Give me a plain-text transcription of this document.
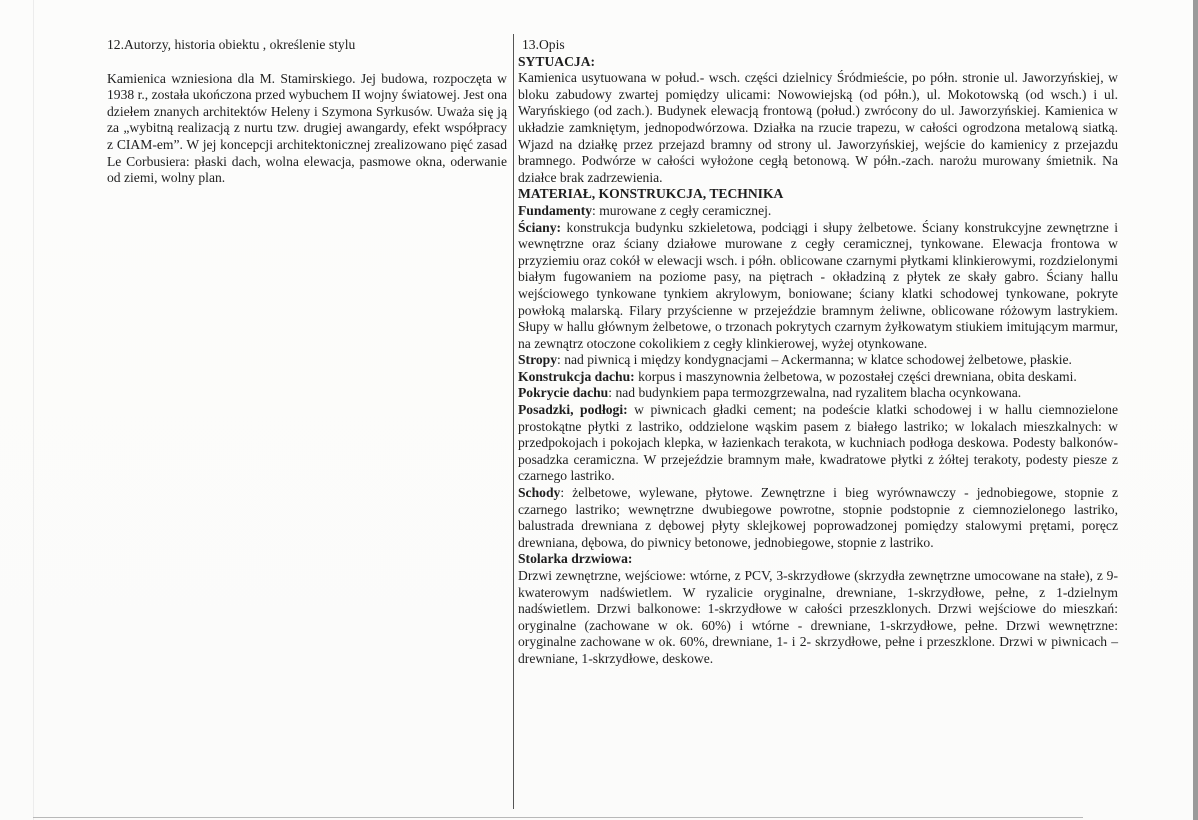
12.Autorzy, historia obiektu , określenie stylu

Kamienica wzniesiona dla M. Stamirskiego. Jej budowa, rozpoczęta w 1938 r., została ukończona przed wybuchem II wojny światowej. Jest ona dziełem znanych architektów Heleny i Szymona Syrkusów. Uważa się ją za „wybitną realizacją z nurtu tzw. drugiej awangardy, efekt współpracy z CIAM-em”. W jej koncepcji architektonicznej zrealizowano pięć zasad Le Corbusiera: płaski dach, wolna elewacja, pasmowe okna, oderwanie od ziemi, wolny plan.

13.Opis

SYTUACJA:

Kamienica usytuowana w połud.- wsch. części dzielnicy Śródmieście, po półn. stronie ul. Jaworzyńskiej, w bloku zabudowy zwartej pomiędzy ulicami: Nowowiejską (od półn.), ul. Mokotowską (od wsch.) i ul. Waryńskiego (od zach.). Budynek elewacją frontową (połud.) zwrócony do ul. Jaworzyńskiej. Kamienica w układzie zamkniętym, jednopodwórzowa. Działka na rzucie trapezu, w całości ogrodzona metalową siatką. Wjazd na działkę przez przejazd bramny od strony ul. Jaworzyńskiej, wejście do kamienicy z przejazdu bramnego. Podwórze w całości wyłożone cegłą betonową. W półn.-zach. narożu murowany śmietnik. Na działce brak zadrzewienia.

MATERIAŁ, KONSTRUKCJA, TECHNIKA

Fundamenty: murowane z cegły ceramicznej.

Ściany: konstrukcja budynku szkieletowa, podciągi i słupy żelbetowe. Ściany konstrukcyjne zewnętrzne i wewnętrzne oraz ściany działowe murowane z cegły ceramicznej, tynkowane. Elewacja frontowa w przyziemiu oraz cokół w elewacji wsch. i półn. oblicowane czarnymi płytkami klinkierowymi, rozdzielonymi białym fugowaniem na poziome pasy, na piętrach - okładziną z płytek ze skały gabro. Ściany hallu wejściowego tynkowane tynkiem akrylowym, boniowane; ściany klatki schodowej tynkowane, pokryte powłoką malarską. Filary przyścienne w przejeździe bramnym żeliwne, oblicowane różowym lastrykiem. Słupy w hallu głównym żelbetowe, o trzonach pokrytych czarnym żyłkowatym stiukiem imitującym marmur, na zewnątrz otoczone cokolikiem z cegły klinkierowej, wyżej otynkowane.

Stropy: nad piwnicą i między kondygnacjami – Ackermanna; w klatce schodowej żelbetowe, płaskie.

Konstrukcja dachu: korpus i maszynownia żelbetowa, w pozostałej części drewniana, obita deskami.

Pokrycie dachu: nad budynkiem papa termozgrzewalna, nad ryzalitem blacha ocynkowana.

Posadzki, podłogi: w piwnicach gładki cement; na podeście klatki schodowej i w hallu ciemnozielone prostokątne płytki z lastriko, oddzielone wąskim pasem z białego lastriko; w lokalach mieszkalnych: w przedpokojach i pokojach klepka, w łazienkach terakota, w kuchniach podłoga deskowa. Podesty balkonów- posadzka ceramiczna. W przejeździe bramnym małe, kwadratowe płytki z żółtej terakoty, podesty piesze z czarnego lastriko.

Schody: żelbetowe, wylewane, płytowe. Zewnętrzne i bieg wyrównawczy - jednobiegowe, stopnie z czarnego lastriko; wewnętrzne dwubiegowe powrotne, stopnie podstopnie z ciemnozielonego lastriko, balustrada drewniana z dębowej płyty sklejkowej poprowadzonej pomiędzy stalowymi prętami, poręcz drewniana, dębowa, do piwnicy betonowe, jednobiegowe, stopnie z lastriko.

Stolarka drzwiowa:

Drzwi zewnętrzne, wejściowe: wtórne, z PCV, 3-skrzydłowe (skrzydła zewnętrzne umocowane na stałe), z 9-kwaterowym nadświetlem. W ryzalicie oryginalne, drewniane, 1-skrzydłowe, pełne, z 1-dzielnym nadświetlem. Drzwi balkonowe: 1-skrzydłowe w całości przeszklonych. Drzwi wejściowe do mieszkań: oryginalne (zachowane w ok. 60%) i wtórne - drewniane, 1-skrzydłowe, pełne. Drzwi wewnętrzne: oryginalne zachowane w ok. 60%, drewniane, 1- i 2- skrzydłowe, pełne i przeszklone. Drzwi w piwnicach – drewniane, 1-skrzydłowe, deskowe.
